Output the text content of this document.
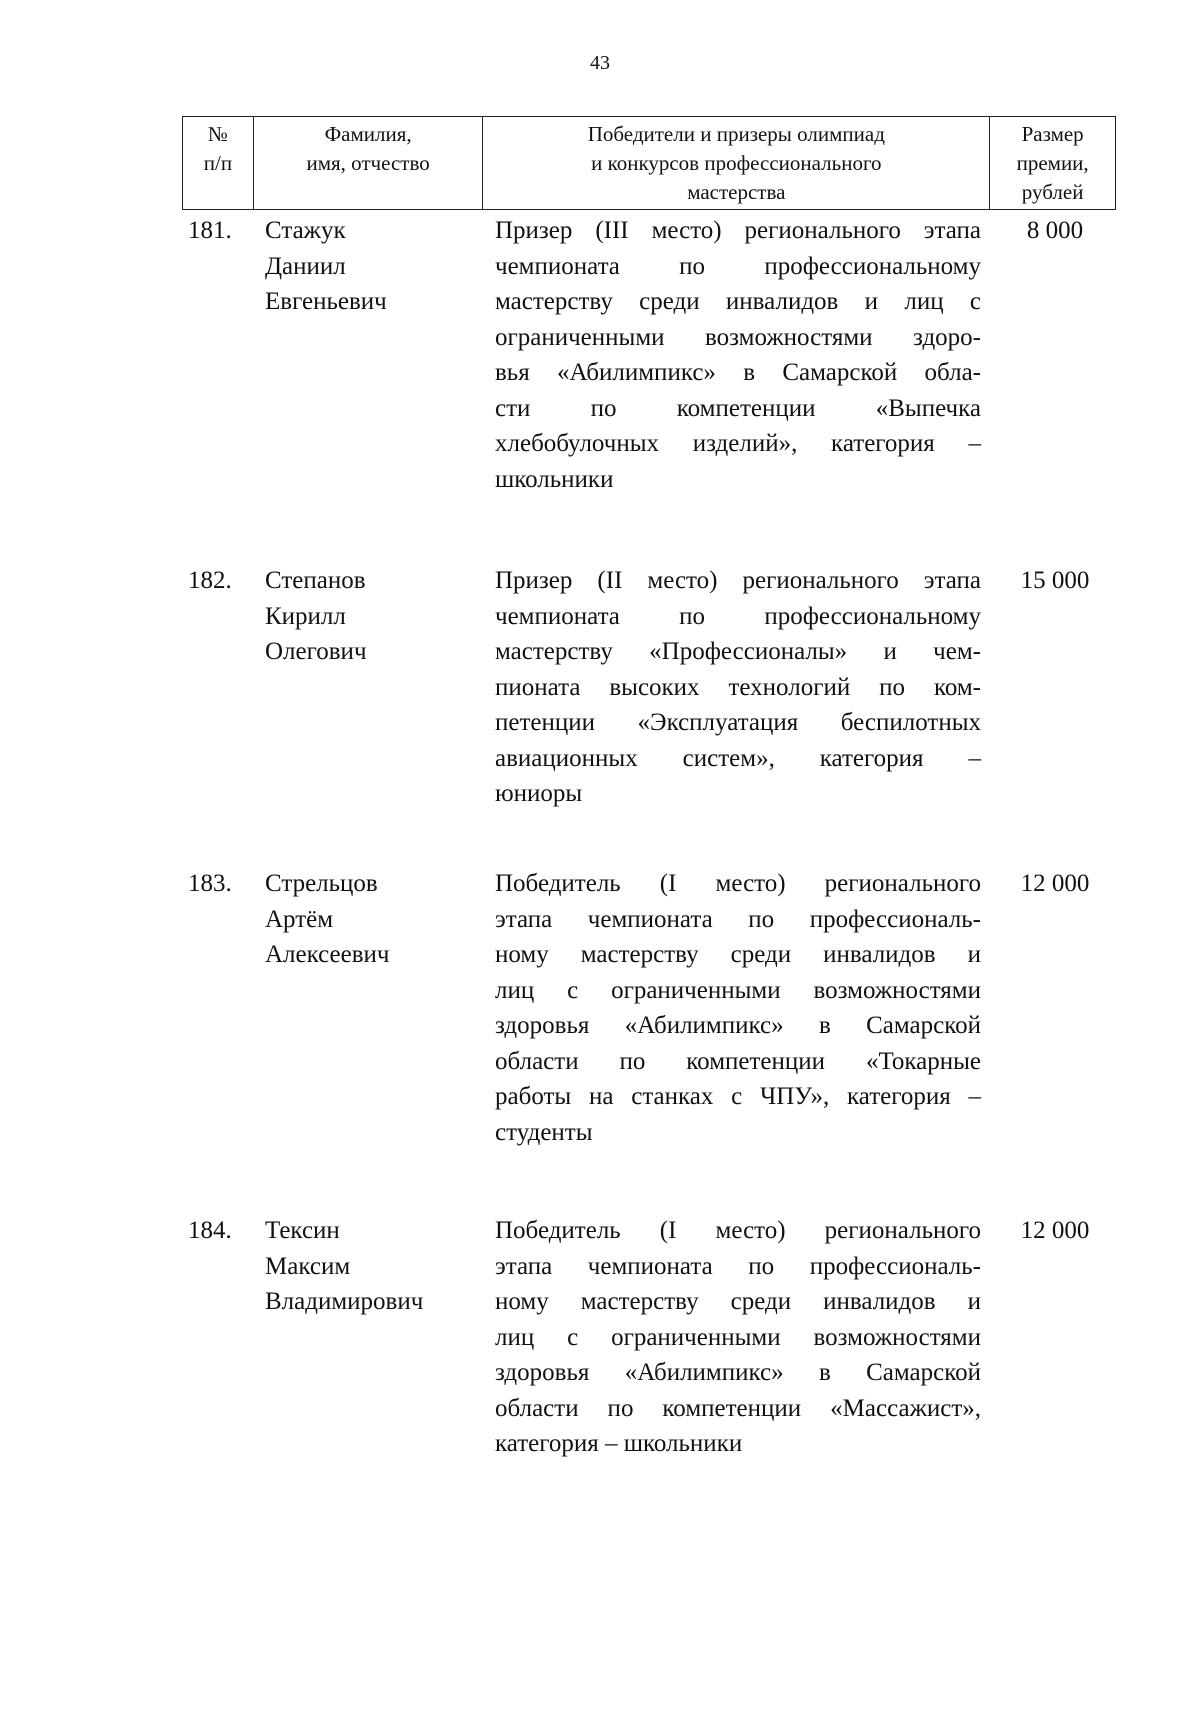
43
№
п/п
Фамилия,
имя, отчество
Победители и призеры олимпиад
и конкурсов профессионального
мастерства
Размер
премии,
рублей
181. Стажук
Даниил
Евгеньевич
Призер (III место) регионального этапа
чемпионата по профессиональному
мастерству среди инвалидов и лиц с
ограниченными возможностями здоро-
вья «Абилимпикс» в Самарской обла-
сти по компетенции «Выпечка
хлебобулочных изделий», категория –
школьники
8 000
182. Степанов
Кирилл
Олегович
Призер (II место) регионального этапа
чемпионата по профессиональному
мастерству «Профессионалы» и чем-
пионата высоких технологий по ком-
петенции «Эксплуатация беспилотных
авиационных систем», категория –
юниоры
15 000
183. Стрельцов
Артём
Алексеевич
Победитель (I место) регионального
этапа чемпионата по профессиональ-
ному мастерству среди инвалидов и
лиц с ограниченными возможностями
здоровья «Абилимпикс» в Самарской
области по компетенции «Токарные
работы на станках с ЧПУ», категория –
студенты
12 000
184. Тексин
Максим
Владимирович
Победитель (I место) регионального
этапа чемпионата по профессиональ-
ному мастерству среди инвалидов и
лиц с ограниченными возможностями
здоровья «Абилимпикс» в Самарской
области по компетенции «Массажист»,
категория – школьники
12 000
